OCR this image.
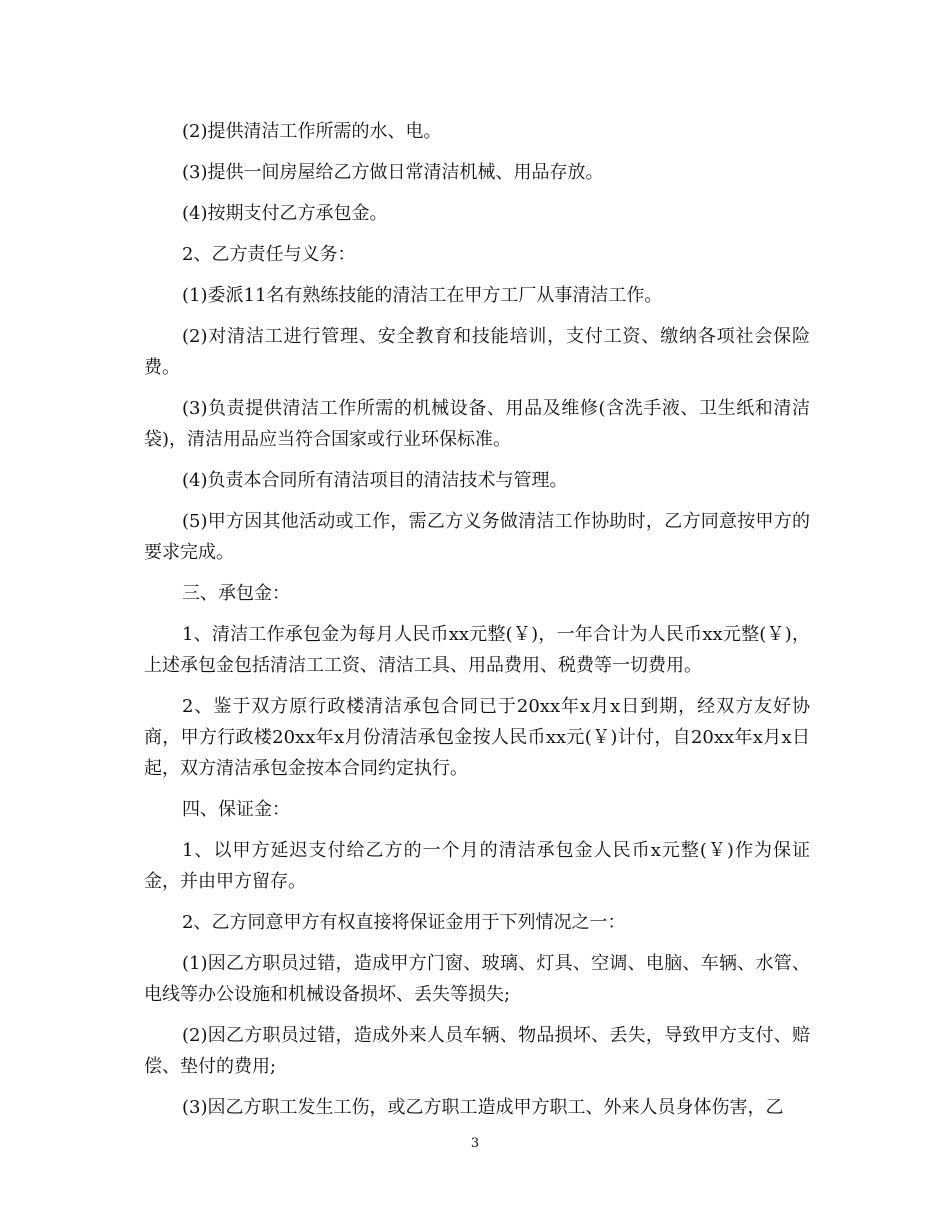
(2)提供清洁工作所需的水、电。

(3)提供一间房屋给乙方做日常清洁机械、用品存放。

(4)按期支付乙方承包金。

2、乙方责任与义务：

(1)委派11名有熟练技能的清洁工在甲方工厂从事清洁工作。

(2)对清洁工进行管理、安全教育和技能培训，支付工资、缴纳各项社会保险费。

(3)负责提供清洁工作所需的机械设备、用品及维修(含洗手液、卫生纸和清洁袋)，清洁用品应当符合国家或行业环保标准。

(4)负责本合同所有清洁项目的清洁技术与管理。

(5)甲方因其他活动或工作，需乙方义务做清洁工作协助时，乙方同意按甲方的要求完成。

三、承包金：

1、清洁工作承包金为每月人民币xx元整(￥)，一年合计为人民币xx元整(￥)，上述承包金包括清洁工工资、清洁工具、用品费用、税费等一切费用。

2、鉴于双方原行政楼清洁承包合同已于20xx年x月x日到期，经双方友好协商，甲方行政楼20xx年x月份清洁承包金按人民币xx元(￥)计付，自20xx年x月x日起，双方清洁承包金按本合同约定执行。

四、保证金：

1、以甲方延迟支付给乙方的一个月的清洁承包金人民币x元整(￥)作为保证金，并由甲方留存。

2、乙方同意甲方有权直接将保证金用于下列情况之一：

(1)因乙方职员过错，造成甲方门窗、玻璃、灯具、空调、电脑、车辆、水管、电线等办公设施和机械设备损坏、丢失等损失;

(2)因乙方职员过错，造成外来人员车辆、物品损坏、丢失，导致甲方支付、赔偿、垫付的费用;

(3)因乙方职工发生工伤，或乙方职工造成甲方职工、外来人员身体伤害，乙

3
